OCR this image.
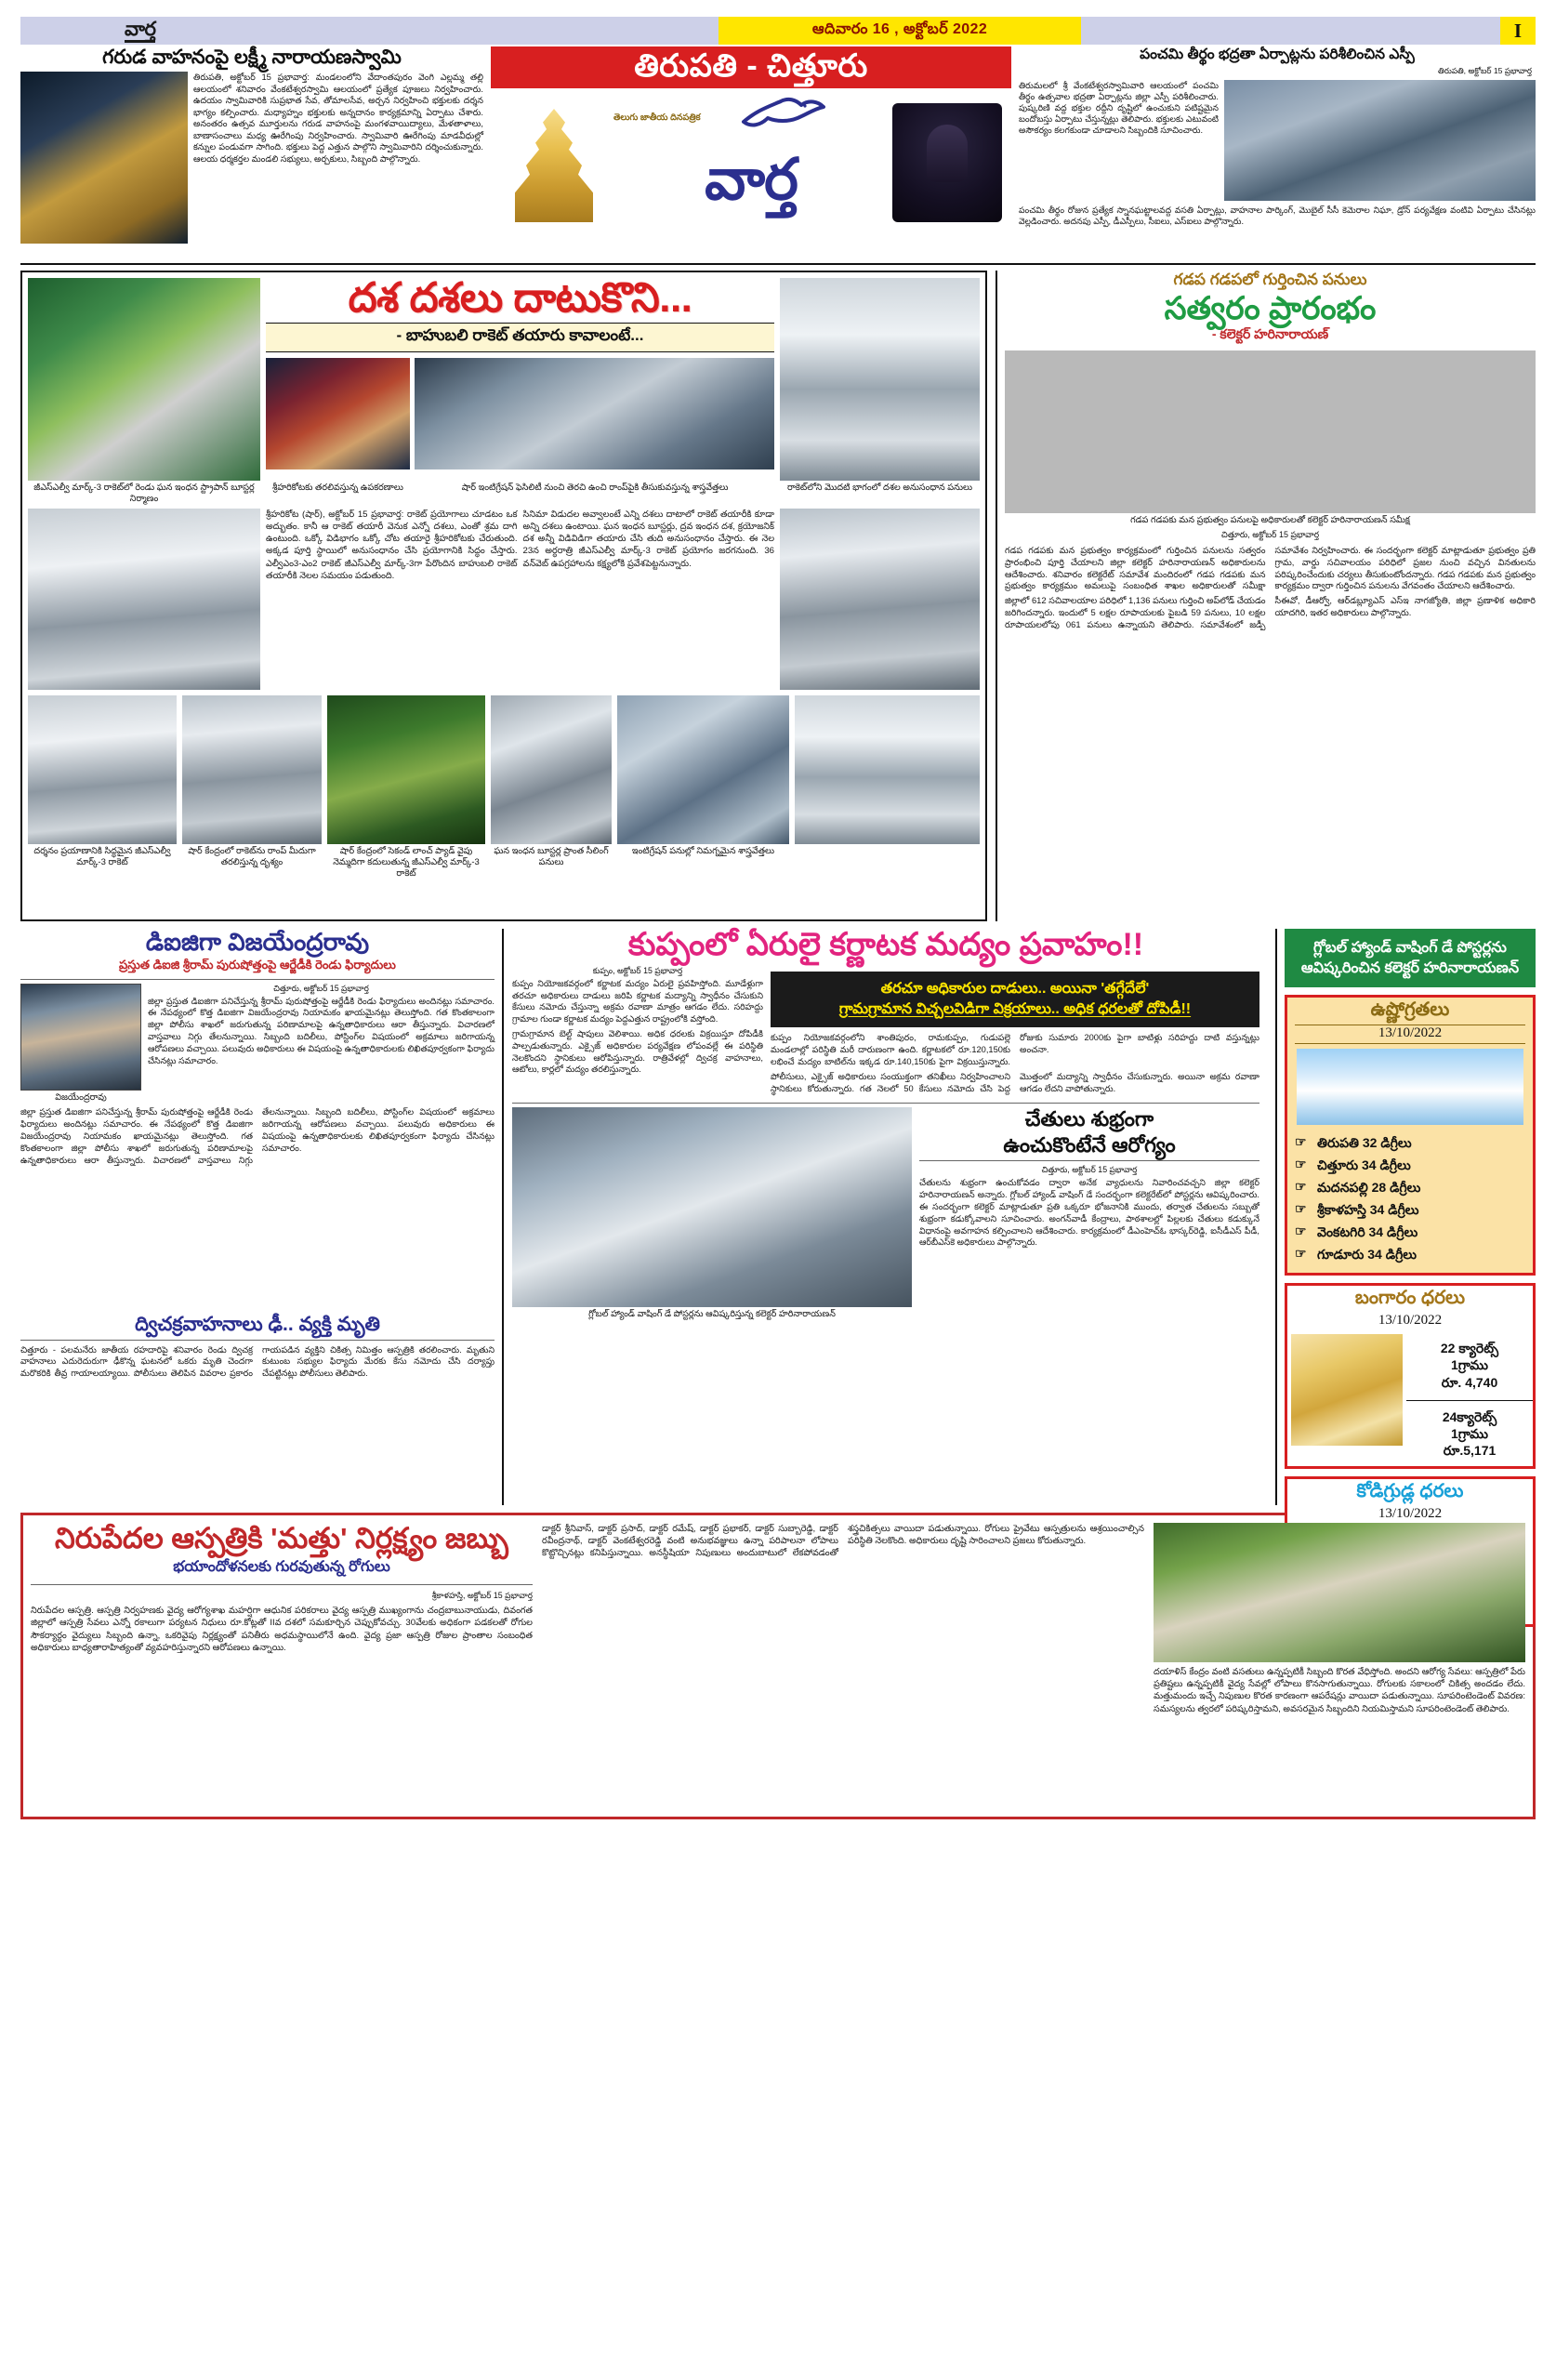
వార్త	ఆదివారం 16 , అక్టోబర్ 2022	I
గరుడ వాహనంపై లక్ష్మీ నారాయణస్వామి
తిరుపతి, అక్టోబర్ 15 ప్రభావార్త: మండలంలోని వేదాంతపురం వెంగి ఎల్లమ్మ తల్లి ఆలయంలో శనివారం వేంకటేశ్వరస్వామి ఆలయంలో ప్రత్యేక పూజలు నిర్వహించారు. ఉదయం స్వామివారికి సుప్రభాత సేవ, తోమాలసేవ, అర్చన నిర్వహించి భక్తులకు దర్శన భాగ్యం కల్పించారు. మధ్యాహ్నం భక్తులకు అన్నదానం కార్యక్రమాన్ని ఏర్పాటు చేశారు. అనంతరం ఉత్సవ మూర్తులను గరుడ వాహనంపై మంగళవాయిద్యాలు, మేళతాళాలు, బాణాసంచాలు మధ్య ఊరేగింపు నిర్వహించారు. స్వామివారి ఊరేగింపు మాడవీధుల్లో కన్నుల పండువగా సాగింది. భక్తులు పెద్ద ఎత్తున పాల్గొని స్వామివారిని దర్శించుకున్నారు. ఆలయ ధర్మకర్తల మండలి సభ్యులు, అర్చకులు, సిబ్బంది పాల్గొన్నారు.
తిరుపతి - చిత్తూరు
తెలుగు జాతీయ దినపత్రిక
వార్త
పంచమి తీర్థం భద్రతా ఏర్పాట్లను పరిశీలించిన ఎస్పీ
తిరుపతి, అక్టోబర్ 15 ప్రభావార్త
తిరుమలలో శ్రీ వేంకటేశ్వరస్వామివారి ఆలయంలో పంచమి తీర్థం ఉత్సవాల భద్రతా ఏర్పాట్లను జిల్లా ఎస్పీ పరిశీలించారు. పుష్కరిణి వద్ద భక్తుల రద్దీని దృష్టిలో ఉంచుకుని పటిష్టమైన బందోబస్తు ఏర్పాటు చేస్తున్నట్లు తెలిపారు. భక్తులకు ఎటువంటి అసౌకర్యం కలగకుండా చూడాలని సిబ్బందికి సూచించారు.
పంచమి తీర్థం రోజున ప్రత్యేక స్నానఘట్టాలవద్ద వసతి ఏర్పాట్లు, వాహనాల పార్కింగ్, మొబైల్ సీసీ కెమెరాల నిఘా, డ్రోన్ పర్యవేక్షణ వంటివి ఏర్పాటు చేసినట్లు వెల్లడించారు. అదనపు ఎస్పీ, డీఎస్పీలు, సీఐలు, ఎస్ఐలు పాల్గొన్నారు.
దశ దశలు దాటుకొని...
- బాహుబలి రాకెట్ తయారు కావాలంటే...
జీఎస్ఎల్వీ మార్క్-3 రాకెట్‌లో రెండు ఘన ఇంధన స్ట్రాపాన్ బూస్టర్ల నిర్మాణం
శ్రీహరికోటకు తరలివస్తున్న ఉపకరణాలు	షార్ ఇంటిగ్రేషన్ ఫెసిలిటీ నుంచి తెరచి ఉంచి రాంప్‌పైకి తీసుకువస్తున్న శాస్త్రవేత్తలు	రాకెట్‌లోని మొదటి భాగంలో దశల అనుసంధాన పనులు
శ్రీహరికోట (షార్), అక్టోబర్ 15 ప్రభావార్త: రాకెట్ ప్రయోగాలు చూడటం ఒక అద్భుతం. కానీ ఆ రాకెట్ తయారీ వెనుక ఎన్నో దశలు, ఎంతో శ్రమ దాగి ఉంటుంది. ఒక్కో విడిభాగం ఒక్కో చోట తయారై శ్రీహరికోటకు చేరుతుంది. అక్కడ పూర్తి స్థాయిలో అనుసంధానం చేసి ప్రయోగానికి సిద్ధం చేస్తారు. ఎల్వీఎం3-ఎం2 రాకెట్ జీఎస్ఎల్వీ మార్క్-3గా పేరొందిన బాహుబలి రాకెట్ తయారీకి నెలల సమయం పడుతుంది.
సినిమా విడుదల అవ్వాలంటే ఎన్ని దశలు దాటాలో రాకెట్ తయారీకి కూడా అన్ని దశలు ఉంటాయి. ఘన ఇంధన బూస్టర్లు, ద్రవ ఇంధన దశ, క్రయోజనిక్ దశ అన్నీ విడివిడిగా తయారు చేసి తుది అనుసంధానం చేస్తారు. ఈ నెల 23న అర్ధరాత్రి జీఎస్ఎల్వీ మార్క్-3 రాకెట్ ప్రయోగం జరగనుంది. 36 వన్‌వెబ్ ఉపగ్రహాలను కక్ష్యలోకి ప్రవేశపెట్టనున్నారు.
దర్శనం ప్రయాణానికి సిద్ధమైన జీఎస్ఎల్వీ మార్క్-3 రాకెట్
షార్ కేంద్రంలో రాకెట్‌ను రాంప్ మీదుగా తరలిస్తున్న దృశ్యం
షార్ కేంద్రంలో సెకండ్ లాంచ్ ప్యాడ్ వైపు నెమ్మదిగా కదులుతున్న జీఎస్ఎల్వీ మార్క్-3 రాకెట్
ఘన ఇంధన బూస్టర్ల ప్రాంత సీలింగ్ పనులు
ఇంటిగ్రేషన్ పనుల్లో నిమగ్నమైన శాస్త్రవేత్తలు
గడప గడపలో గుర్తించిన పనులు
సత్వరం ప్రారంభం
- కలెక్టర్ హరినారాయణ్
గడప గడపకు మన ప్రభుత్వం పనులపై అధికారులతో కలెక్టర్ హరినారాయణన్ సమీక్ష
చిత్తూరు, అక్టోబర్ 15 ప్రభావార్త
గడప గడపకు మన ప్రభుత్వం కార్యక్రమంలో గుర్తించిన పనులను సత్వరం ప్రారంభించి పూర్తి చేయాలని జిల్లా కలెక్టర్ హరినారాయణన్ అధికారులను ఆదేశించారు. శనివారం కలెక్టరేట్ సమావేశ మందిరంలో గడప గడపకు మన ప్రభుత్వం కార్యక్రమం అమలుపై సంబంధిత శాఖల అధికారులతో సమీక్షా సమావేశం నిర్వహించారు. ఈ సందర్భంగా కలెక్టర్ మాట్లాడుతూ ప్రభుత్వం ప్రతి గ్రామ, వార్డు సచివాలయం పరిధిలో ప్రజల నుంచి వచ్చిన వినతులను పరిష్కరించేందుకు చర్యలు తీసుకుంటోందన్నారు. గడప గడపకు మన ప్రభుత్వం కార్యక్రమం ద్వారా గుర్తించిన పనులను వేగవంతం చేయాలని ఆదేశించారు.
జిల్లాలో 612 సచివాలయాల పరిధిలో 1,136 పనులు గుర్తించి అప్‌లోడ్ చేయడం జరిగిందన్నారు. ఇందులో 5 లక్షల రూపాయలకు పైబడి 59 పనులు, 10 లక్షల రూపాయలలోపు 061 పనులు ఉన్నాయని తెలిపారు. సమావేశంలో జడ్పీ సీఈవో, డీఆర్వో, ఆర్‌డబ్ల్యూఎస్ ఎస్ఇ నాగజ్యోతి, జిల్లా ప్రణాళిక అధికారి యాదగిరి, ఇతర అధికారులు పాల్గొన్నారు.
డిఐజిగా విజయేంద్రరావు
ప్రస్తుత డిఐజి శ్రీరామ్ పురుషోత్తంపై ఆర్జేడీకి రెండు ఫిర్యాదులు
విజయేంద్రరావు
చిత్తూరు, అక్టోబర్ 15 ప్రభావార్త
జిల్లా ప్రస్తుత డిఐజిగా పనిచేస్తున్న శ్రీరామ్ పురుషోత్తంపై ఆర్జేడీకి రెండు ఫిర్యాదులు అందినట్లు సమాచారం. ఈ నేపథ్యంలో కొత్త డిఐజిగా విజయేంద్రరావు నియామకం ఖాయమైనట్లు తెలుస్తోంది. గత కొంతకాలంగా జిల్లా పోలీసు శాఖలో జరుగుతున్న పరిణామాలపై ఉన్నతాధికారులు ఆరా తీస్తున్నారు. విచారణలో వాస్తవాలు నిగ్గు తేలనున్నాయి. సిబ్బంది బదిలీలు, పోస్టింగ్‌ల విషయంలో అక్రమాలు జరిగాయన్న ఆరోపణలు వచ్చాయి. పలువురు అధికారులు ఈ విషయంపై ఉన్నతాధికారులకు లిఖితపూర్వకంగా ఫిర్యాదు చేసినట్లు సమాచారం.
జిల్లా ప్రస్తుత డిఐజిగా పనిచేస్తున్న శ్రీరామ్ పురుషోత్తంపై ఆర్జేడీకి రెండు ఫిర్యాదులు అందినట్లు సమాచారం. ఈ నేపథ్యంలో కొత్త డిఐజిగా విజయేంద్రరావు నియామకం ఖాయమైనట్లు తెలుస్తోంది. గత కొంతకాలంగా జిల్లా పోలీసు శాఖలో జరుగుతున్న పరిణామాలపై ఉన్నతాధికారులు ఆరా తీస్తున్నారు. విచారణలో వాస్తవాలు నిగ్గు తేలనున్నాయి. సిబ్బంది బదిలీలు, పోస్టింగ్‌ల విషయంలో అక్రమాలు జరిగాయన్న ఆరోపణలు వచ్చాయి. పలువురు అధికారులు ఈ విషయంపై ఉన్నతాధికారులకు లిఖితపూర్వకంగా ఫిర్యాదు చేసినట్లు సమాచారం.
ద్విచక్రవాహనాలు ఢీ.. వ్యక్తి మృతి
చిత్తూరు - పలమనేరు జాతీయ రహదారిపై శనివారం రెండు ద్విచక్ర వాహనాలు ఎదురెదురుగా ఢీకొన్న ఘటనలో ఒకరు మృతి చెందగా మరొకరికి తీవ్ర గాయాలయ్యాయి. పోలీసులు తెలిపిన వివరాల ప్రకారం గాయపడిన వ్యక్తిని చికిత్స నిమిత్తం ఆస్పత్రికి తరలించారు. మృతుని కుటుంబ సభ్యుల ఫిర్యాదు మేరకు కేసు నమోదు చేసి దర్యాప్తు చేపట్టినట్లు పోలీసులు తెలిపారు.
కుప్పంలో ఏరులై కర్ణాటక మద్యం ప్రవాహం!!
కుప్పం, అక్టోబర్ 15 ప్రభావార్త
కుప్పం నియోజకవర్గంలో కర్ణాటక మద్యం ఏరులై ప్రవహిస్తోంది. మూడేళ్లుగా తరచూ అధికారులు దాడులు జరిపి కర్ణాటక మద్యాన్ని స్వాధీనం చేసుకుని కేసులు నమోదు చేస్తున్నా అక్రమ రవాణా మాత్రం ఆగడం లేదు. సరిహద్దు గ్రామాల గుండా కర్ణాటక మద్యం పెద్దఎత్తున రాష్ట్రంలోకి వస్తోంది.
గ్రామగ్రామాన బెల్ట్ షాపులు వెలిశాయి. అధిక ధరలకు విక్రయిస్తూ దోపిడీకి పాల్పడుతున్నారు. ఎక్సైజ్ అధికారుల పర్యవేక్షణ లోపంవల్లే ఈ పరిస్థితి నెలకొందని స్థానికులు ఆరోపిస్తున్నారు. రాత్రివేళల్లో ద్విచక్ర వాహనాలు, ఆటోలు, కార్లలో మద్యం తరలిస్తున్నారు.
తరచూ అధికారుల దాడులు.. అయినా 'తగ్గేదేలే'
గ్రామగ్రామాన విచ్చలవిడిగా విక్రయాలు.. అధిక ధరలతో దోపిడీ!!
కుప్పం నియోజకవర్గంలోని శాంతిపురం, రామకుప్పం, గుడుపల్లె మండలాల్లో పరిస్థితి మరీ దారుణంగా ఉంది. కర్ణాటకలో రూ.120,150కు లభించే మద్యం బాటిల్‌ను ఇక్కడ రూ.140,150కు పైగా విక్రయిస్తున్నారు. రోజుకు సుమారు 2000కు పైగా బాటిళ్లు సరిహద్దు దాటి వస్తున్నట్లు అంచనా.
పోలీసులు, ఎక్సైజ్ అధికారులు సంయుక్తంగా తనిఖీలు నిర్వహించాలని స్థానికులు కోరుతున్నారు. గత నెలలో 50 కేసులు నమోదు చేసి పెద్ద మొత్తంలో మద్యాన్ని స్వాధీనం చేసుకున్నారు. అయినా అక్రమ రవాణా ఆగడం లేదని వాపోతున్నారు.
గ్లోబల్ హ్యాండ్ వాషింగ్ డే పోస్టర్లను ఆవిష్కరిస్తున్న కలెక్టర్ హరినారాయణన్
చేతులు శుభ్రంగా
ఉంచుకొంటేనే ఆరోగ్యం
చిత్తూరు, అక్టోబర్ 15 ప్రభావార్త
చేతులను శుభ్రంగా ఉంచుకోవడం ద్వారా అనేక వ్యాధులను నివారించవచ్చని జిల్లా కలెక్టర్ హరినారాయణన్ అన్నారు. గ్లోబల్ హ్యాండ్ వాషింగ్ డే సందర్భంగా కలెక్టరేట్‌లో పోస్టర్లను ఆవిష్కరించారు. ఈ సందర్భంగా కలెక్టర్ మాట్లాడుతూ ప్రతి ఒక్కరూ భోజనానికి ముందు, తర్వాత చేతులను సబ్బుతో శుభ్రంగా కడుక్కోవాలని సూచించారు. అంగన్‌వాడీ కేంద్రాలు, పాఠశాలల్లో పిల్లలకు చేతులు కడుక్కునే విధానంపై అవగాహన కల్పించాలని ఆదేశించారు. కార్యక్రమంలో డీఎంహెచ్ఓ భాస్కర్‌రెడ్డి, ఐసీడీఎస్ పీడీ, ఆర్‌బీఎస్‌కె అధికారులు పాల్గొన్నారు.
గ్లోబల్ హ్యాండ్ వాషింగ్ డే పోస్టర్లను ఆవిష్కరించిన కలెక్టర్ హరినారాయణన్
ఉష్ణోగ్రతలు
13/10/2022
☞ తిరుపతి 32 డిగ్రీలు
☞ చిత్తూరు 34 డిగ్రీలు
☞ మదనపల్లి 28 డిగ్రీలు
☞ శ్రీకాళహస్తి 34 డిగ్రీలు
☞ వెంకటగిరి 34 డిగ్రీలు
☞ గూడూరు 34 డిగ్రీలు
బంగారం ధరలు
13/10/2022
22 క్యారెట్స్
1గ్రాము
రూ. 4,740
24క్యారెట్స్
1గ్రాము
రూ.5,171
కోడిగ్రుడ్ల ధరలు
13/10/2022
నిరుపేదల ఆస్పత్రికి 'మత్తు' నిర్లక్ష్యం జబ్బు
భయాందోళనలకు గురవుతున్న రోగులు
శ్రీకాళహస్తి, అక్టోబర్ 15 ప్రభావార్త
నిరుపేదల ఆస్పత్రి. ఆస్పత్రి నిర్వహణకు వైద్య ఆరోగ్యశాఖ మహర్షిగా ఆధునిక పరికరాలు వైద్య ఆస్పత్రి ముఖ్యంగాను చంద్రబాబునాయుడు, దివంగత జిల్లాలో ఆస్పత్రి సేవలు ఎన్నో రకాలుగా పర్యటన నిధులు రూ.కోట్లతో IIవ దశలో సమకూర్చిన చెప్పుకోవచ్చు. 30వేలకు అధికంగా పడకలతో రోగుల సౌకర్యార్ధం వైద్యులు సిబ్బంది ఉన్నా, ఒకరివైపు నిర్లక్ష్యంతో పనితీరు అధమస్థాయిలోనే ఉంది. వైద్య ప్రజా ఆస్పత్రి రోజుల ప్రాంతాల సంబంధిత అధికారులు బాధ్యతారాహిత్యంతో వ్యవహరిస్తున్నారని ఆరోపణలు ఉన్నాయి.
డాక్టర్ శ్రీనివాస్, డాక్టర్ ప్రసాద్, డాక్టర్ రమేష్, డాక్టర్ ప్రభాకర్, డాక్టర్ సుబ్బారెడ్డి, డాక్టర్ రవీంద్రనాథ్, డాక్టర్ వెంకటేశ్వరరెడ్డి వంటి అనుభవజ్ఞులు ఉన్నా పరిపాలనా లోపాలు కొట్టొచ్చినట్లు కనిపిస్తున్నాయి. అనస్థీషియా నిపుణులు అందుబాటులో లేకపోవడంతో శస్త్రచికిత్సలు వాయిదా పడుతున్నాయి. రోగులు ప్రైవేటు ఆస్పత్రులను ఆశ్రయించాల్సిన పరిస్థితి నెలకొంది. అధికారులు దృష్టి సారించాలని ప్రజలు కోరుతున్నారు.
దయాళిస్ కేంద్రం వంటి వసతులు ఉన్నప్పటికీ సిబ్బంది కొరత వేధిస్తోంది. అందని ఆరోగ్య సేవలు: ఆస్పత్రిలో పేరు ప్రతిష్టలు ఉన్నప్పటికీ వైద్య సేవల్లో లోపాలు కొనసాగుతున్నాయి. రోగులకు సకాలంలో చికిత్స అందడం లేదు. మత్తుమందు ఇచ్చే నిపుణుల కొరత కారణంగా ఆపరేషన్లు వాయిదా పడుతున్నాయి. సూపరింటెండెంట్ వివరణ: సమస్యలను త్వరలో పరిష్కరిస్తామని, అవసరమైన సిబ్బందిని నియమిస్తామని సూపరింటెండెంట్ తెలిపారు.
